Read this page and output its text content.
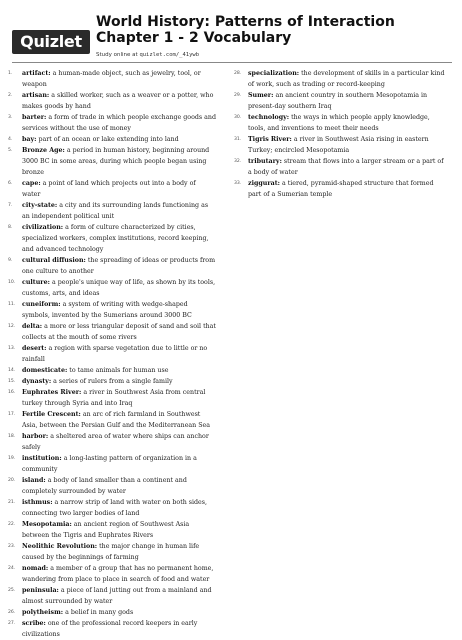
Quizlet
World History: Patterns of Interaction Chapter 1 - 2 Vocabulary
Study online at quizlet.com/_41ywb
1. artifact: a human-made object, such as jewelry, tool, or weapon
2. artisan: a skilled worker, such as a weaver or a potter, who makes goods by hand
3. barter: a form of trade in which people exchange goods and services without the use of money
4. bay: part of an ocean or lake extending into land
5. Bronze Age: a period in human history, beginning around 3000 BC in some areas, during which people began using bronze
6. cape: a point of land which projects out into a body of water
7. city-state: a city and its surrounding lands functioning as an independent political unit
8. civilization: a form of culture characterized by cities, specialized workers, complex institutions, record keeping, and advanced technology
9. cultural diffusion: the spreading of ideas or products from one culture to another
10. culture: a people's unique way of life, as shown by its tools, customs, arts, and ideas
11. cuneiform: a system of writing with wedge-shaped symbols, invented by the Sumerians around 3000 BC
12. delta: a more or less triangular deposit of sand and soil that collects at the mouth of some rivers
13. desert: a region with sparse vegetation due to little or no rainfall
14. domesticate: to tame animals for human use
15. dynasty: a series of rulers from a single family
16. Euphrates River: a river in Southwest Asia from central turkey through Syria and into Iraq
17. Fertile Crescent: an arc of rich farmland in Southwest Asia, between the Persian Gulf and the Mediterranean Sea
18. harbor: a sheltered area of water where ships can anchor safely
19. institution: a long-lasting pattern of organization in a community
20. island: a body of land smaller than a continent and completely surrounded by water
21. isthmus: a narrow strip of land with water on both sides, connecting two larger bodies of land
22. Mesopotamia: an ancient region of Southwest Asia between the Tigris and Euphrates Rivers
23. Neolithic Revolution: the major change in human life caused by the beginnings of farming
24. nomad: a member of a group that has no permanent home, wandering from place to place in search of food and water
25. peninsula: a piece of land jutting out from a mainland and almost surrounded by water
26. polytheism: a belief in many gods
27. scribe: one of the professional record keepers in early civilizations
28. specialization: the development of skills in a particular kind of work, such as trading or record-keeping
29. Sumer: an ancient country in southern Mesopotamia in present-day southern Iraq
30. technology: the ways in which people apply knowledge, tools, and inventions to meet their needs
31. Tigris River: a river in Southwest Asia rising in eastern Turkey; encircled Mesopotamia
32. tributary: stream that flows into a larger stream or a part of a body of water
33. ziggurat: a tiered, pyramid-shaped structure that formed part of a Sumerian temple
